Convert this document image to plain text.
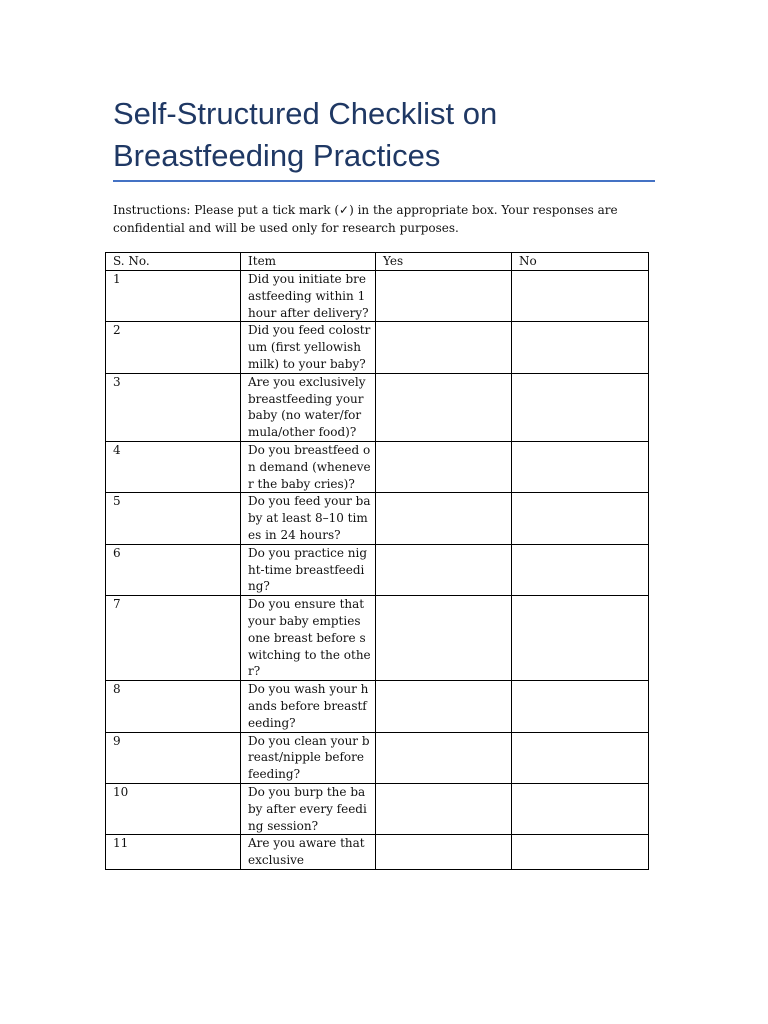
Self-Structured Checklist on
Breastfeeding Practices

Instructions: Please put a tick mark (✓) in the appropriate box. Your responses are confidential and will be used only for research purposes.

S. No.	Item	Yes	No
1	Did you initiate breastfeeding within 1 hour after delivery?		
2	Did you feed colostrum (first yellowish milk) to your baby?		
3	Are you exclusively breastfeeding your baby (no water/formula/other food)?		
4	Do you breastfeed on demand (whenever the baby cries)?		
5	Do you feed your baby at least 8–10 times in 24 hours?		
6	Do you practice night-time breastfeeding?		
7	Do you ensure that your baby empties one breast before switching to the other?		
8	Do you wash your hands before breastfeeding?		
9	Do you clean your breast/nipple before feeding?		
10	Do you burp the baby after every feeding session?		
11	Are you aware that exclusive		
